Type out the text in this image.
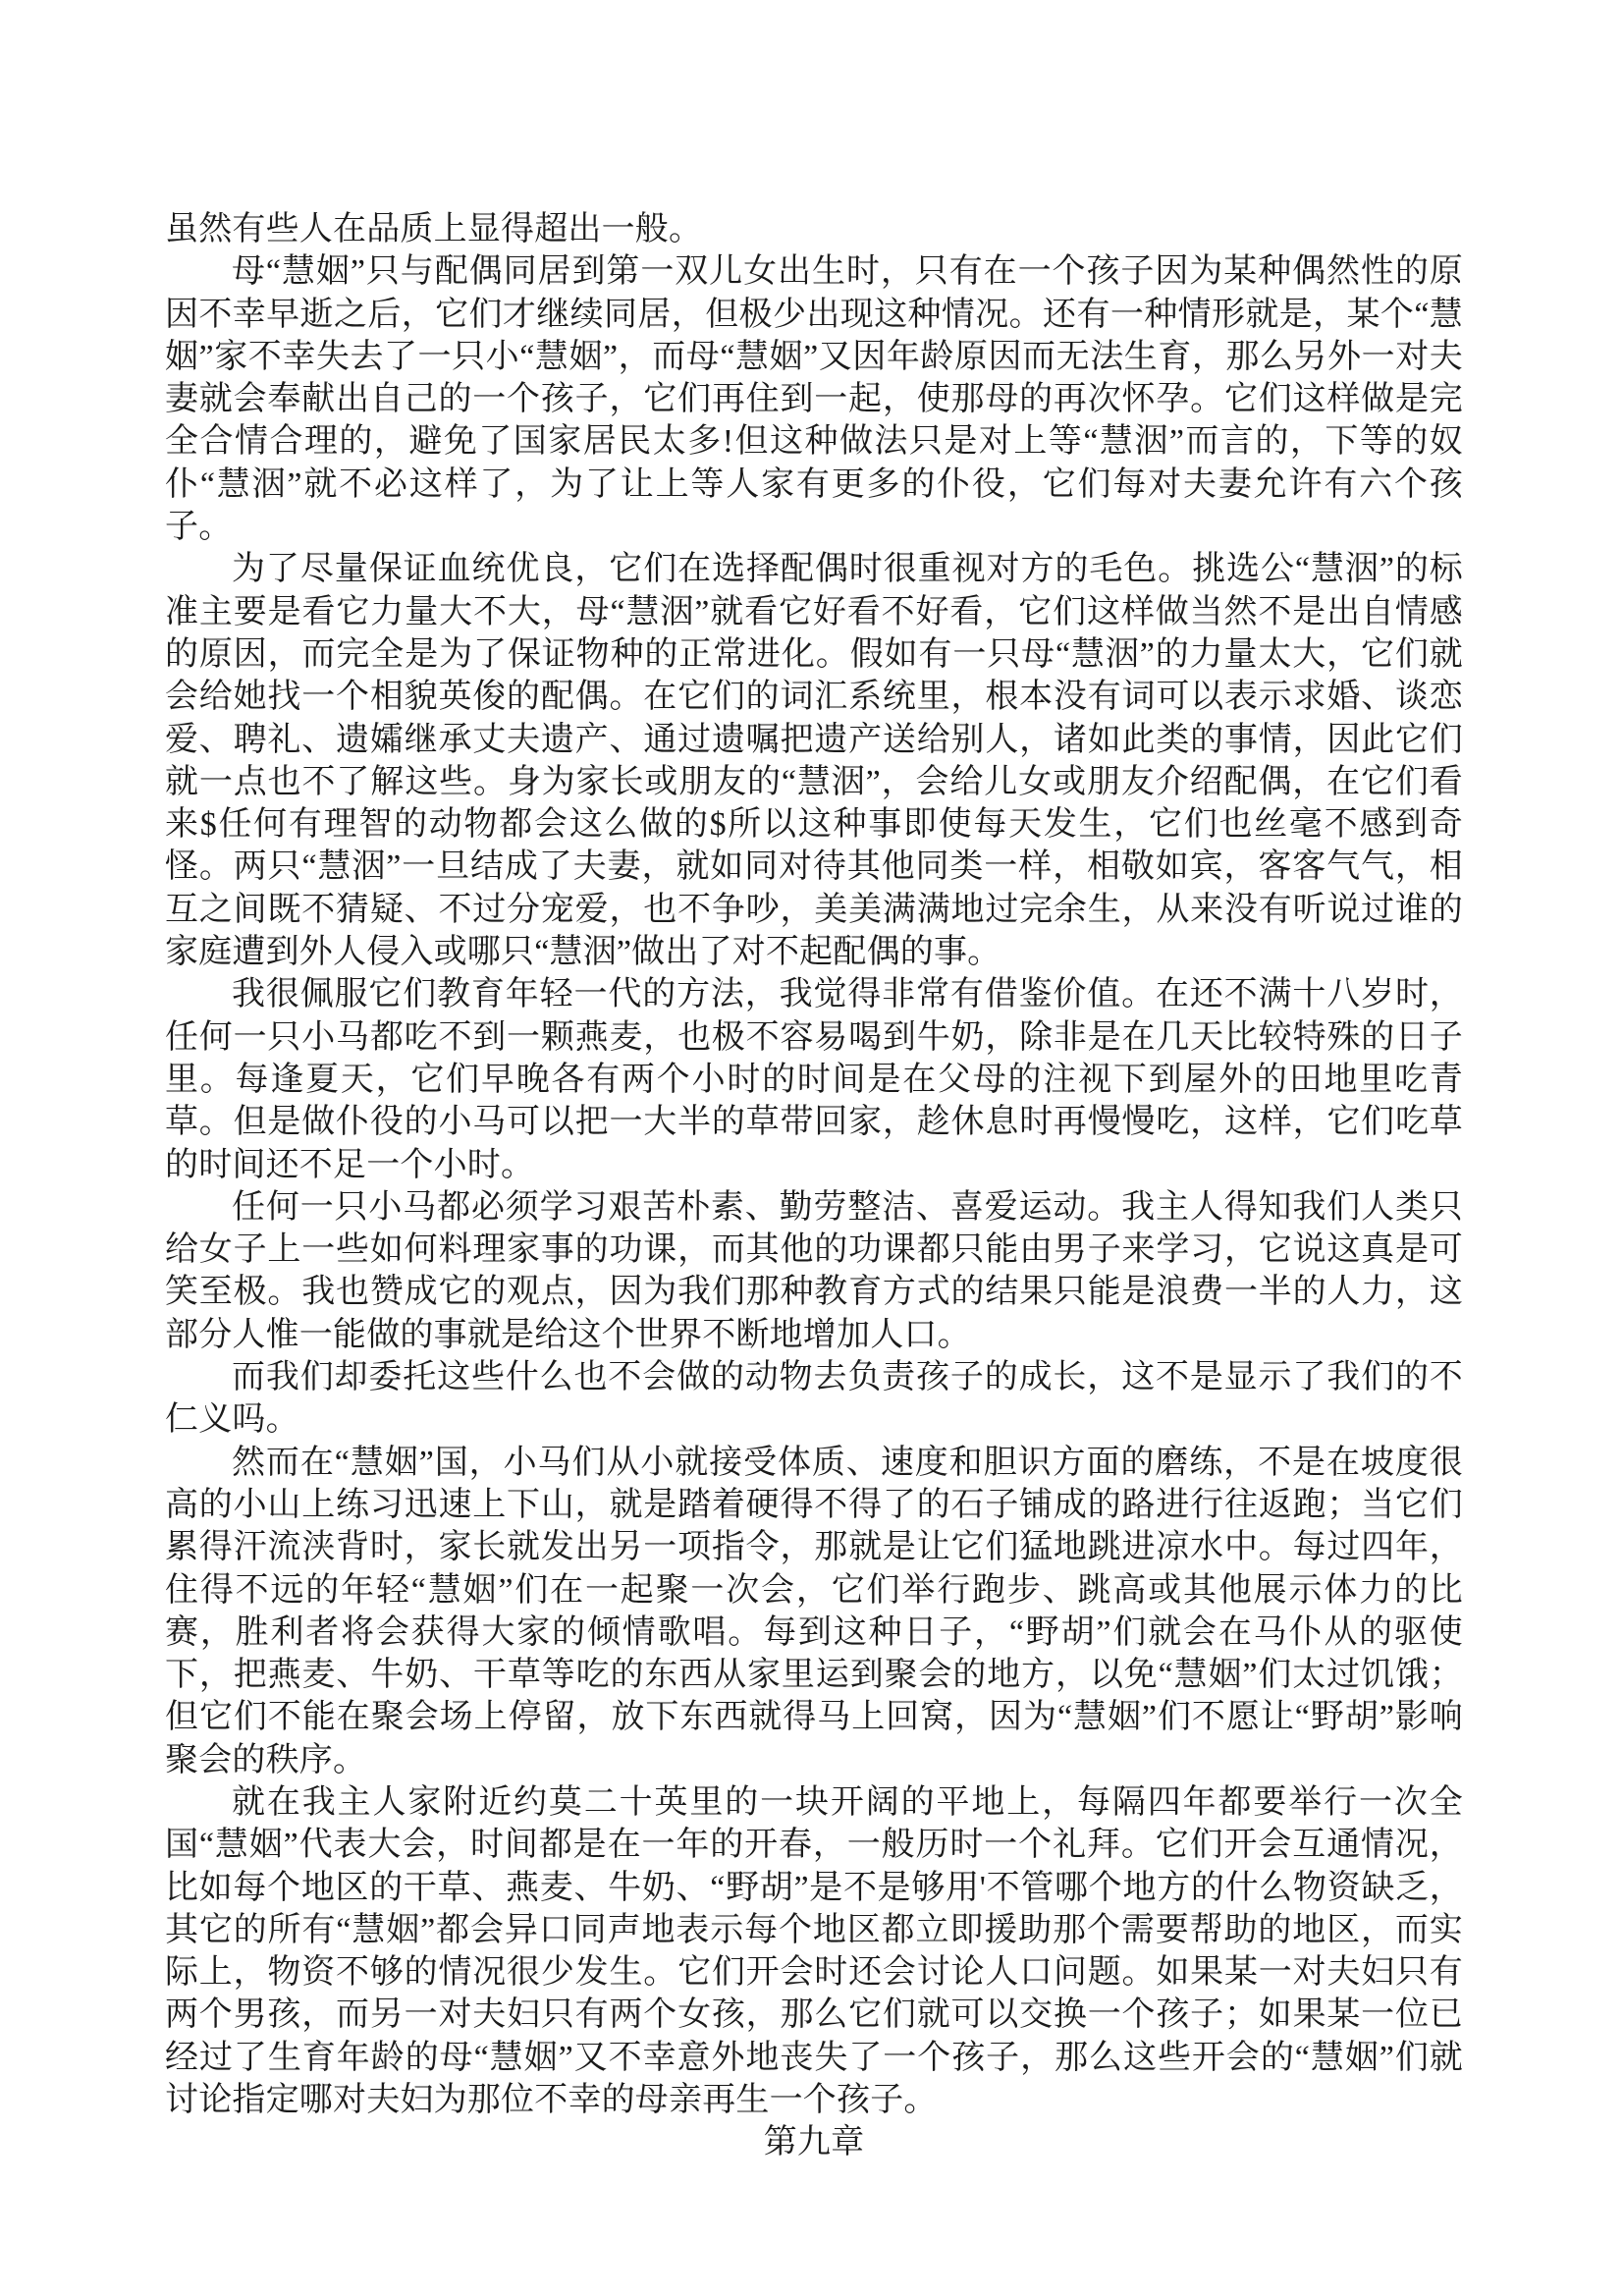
虽然有些人在品质上显得超出一般。

母“慧姻”只与配偶同居到第一双儿女出生时，只有在一个孩子因为某种偶然性的原因不幸早逝之后，它们才继续同居，但极少出现这种情况。还有一种情形就是，某个“慧姻”家不幸失去了一只小“慧姻”，而母“慧姻”又因年龄原因而无法生育，那么另外一对夫妻就会奉献出自己的一个孩子，它们再住到一起，使那母的再次怀孕。它们这样做是完全合情合理的，避免了国家居民太多!但这种做法只是对上等“慧洇”而言的，下等的奴仆“慧洇”就不必这样了，为了让上等人家有更多的仆役，它们每对夫妻允许有六个孩子。

为了尽量保证血统优良，它们在选择配偶时很重视对方的毛色。挑选公“慧洇”的标准主要是看它力量大不大，母“慧洇”就看它好看不好看，它们这样做当然不是出自情感的原因，而完全是为了保证物种的正常进化。假如有一只母“慧洇”的力量太大，它们就会给她找一个相貌英俊的配偶。在它们的词汇系统里，根本没有词可以表示求婚、谈恋爱、聘礼、遗孀继承丈夫遗产、通过遗嘱把遗产送给别人，诸如此类的事情，因此它们就一点也不了解这些。身为家长或朋友的“慧洇”，会给儿女或朋友介绍配偶，在它们看来$任何有理智的动物都会这么做的$所以这种事即使每天发生，它们也丝毫不感到奇怪。两只“慧洇”一旦结成了夫妻，就如同对待其他同类一样，相敬如宾，客客气气，相互之间既不猜疑、不过分宠爱，也不争吵，美美满满地过完余生，从来没有听说过谁的家庭遭到外人侵入或哪只“慧洇”做出了对不起配偶的事。

我很佩服它们教育年轻一代的方法，我觉得非常有借鉴价值。在还不满十八岁时，任何一只小马都吃不到一颗燕麦，也极不容易喝到牛奶，除非是在几天比较特殊的日子里。每逢夏天，它们早晚各有两个小时的时间是在父母的注视下到屋外的田地里吃青草。但是做仆役的小马可以把一大半的草带回家，趁休息时再慢慢吃，这样，它们吃草的时间还不足一个小时。

任何一只小马都必须学习艰苦朴素、勤劳整洁、喜爱运动。我主人得知我们人类只给女子上一些如何料理家事的功课，而其他的功课都只能由男子来学习，它说这真是可笑至极。我也赞成它的观点，因为我们那种教育方式的结果只能是浪费一半的人力，这部分人惟一能做的事就是给这个世界不断地增加人口。

而我们却委托这些什么也不会做的动物去负责孩子的成长，这不是显示了我们的不仁义吗。

然而在“慧姻”国，小马们从小就接受体质、速度和胆识方面的磨练，不是在坡度很高的小山上练习迅速上下山，就是踏着硬得不得了的石子铺成的路进行往返跑；当它们累得汗流浃背时，家长就发出另一项指令，那就是让它们猛地跳进凉水中。每过四年，住得不远的年轻“慧姻”们在一起聚一次会，它们举行跑步、跳高或其他展示体力的比赛，胜利者将会获得大家的倾情歌唱。每到这种日子，“野胡”们就会在马仆从的驱使下，把燕麦、牛奶、干草等吃的东西从家里运到聚会的地方，以免“慧姻”们太过饥饿；但它们不能在聚会场上停留，放下东西就得马上回窝，因为“慧姻”们不愿让“野胡”影响聚会的秩序。

就在我主人家附近约莫二十英里的一块开阔的平地上，每隔四年都要举行一次全国“慧姻”代表大会，时间都是在一年的开春，一般历时一个礼拜。它们开会互通情况，比如每个地区的干草、燕麦、牛奶、“野胡”是不是够用'不管哪个地方的什么物资缺乏，其它的所有“慧姻”都会异口同声地表示每个地区都立即援助那个需要帮助的地区，而实际上，物资不够的情况很少发生。它们开会时还会讨论人口问题。如果某一对夫妇只有两个男孩，而另一对夫妇只有两个女孩，那么它们就可以交换一个孩子；如果某一位已经过了生育年龄的母“慧姻”又不幸意外地丧失了一个孩子，那么这些开会的“慧姻”们就讨论指定哪对夫妇为那位不幸的母亲再生一个孩子。

第九章
